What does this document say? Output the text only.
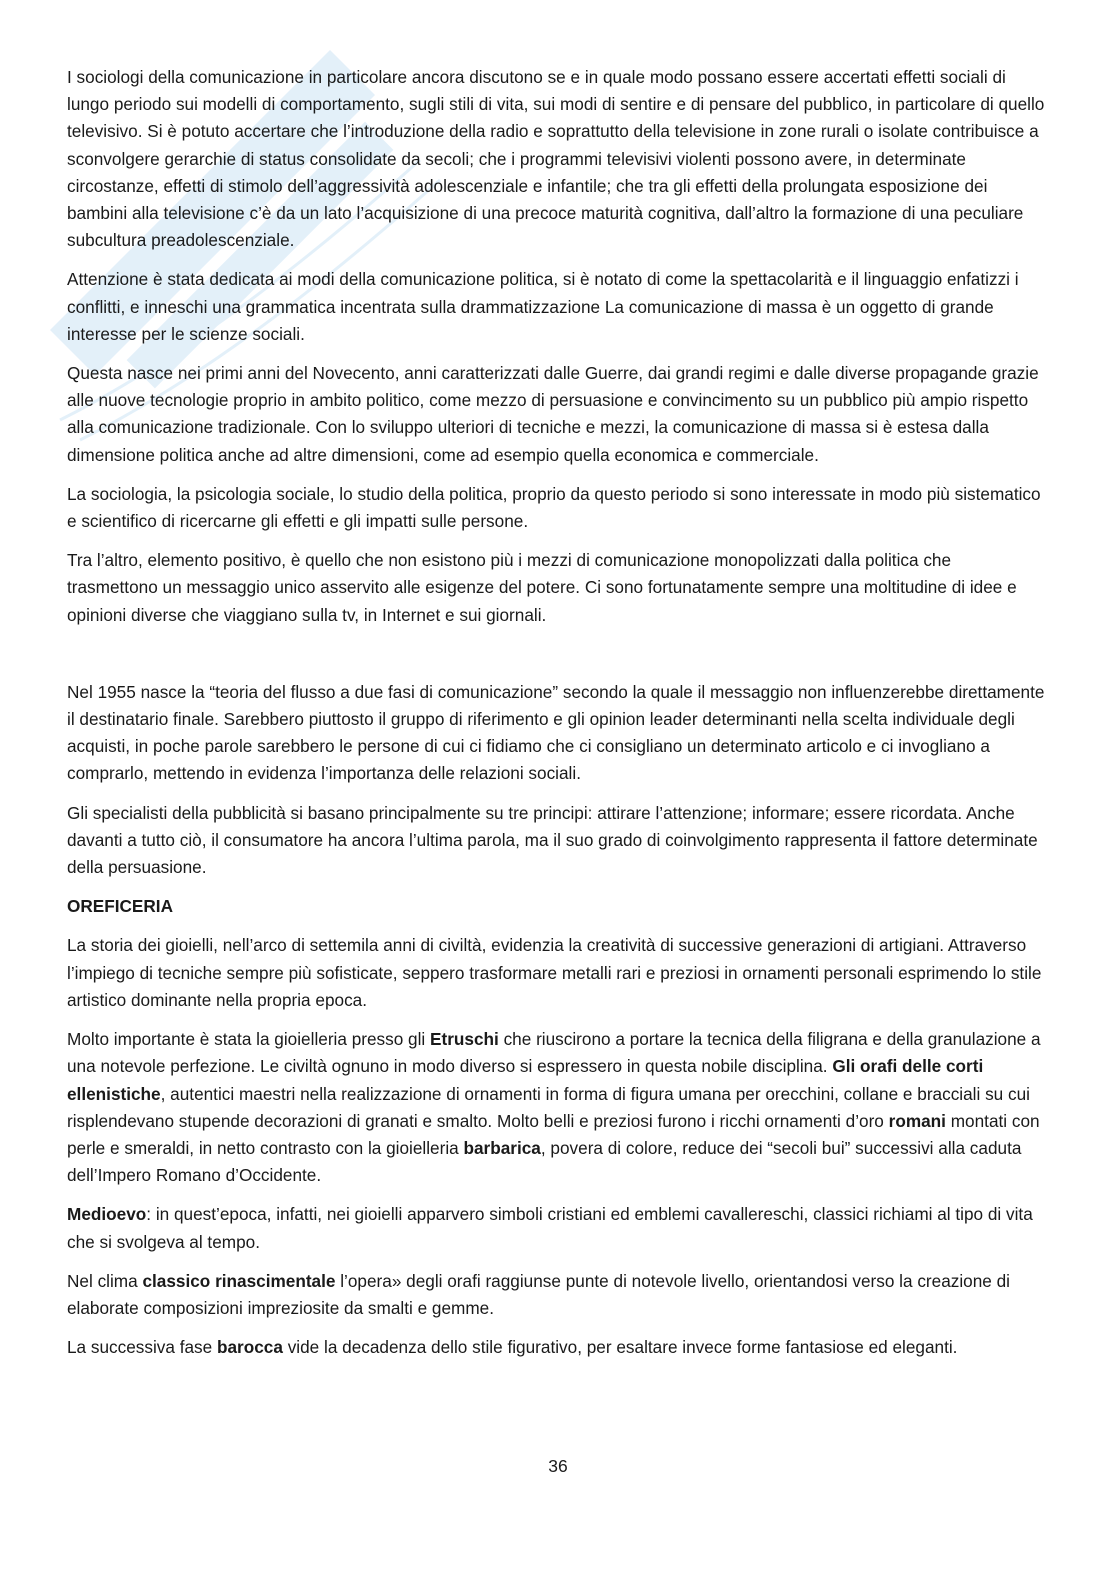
I sociologi della comunicazione in particolare ancora discutono se e in quale modo possano essere accertati effetti sociali di lungo periodo sui modelli di comportamento, sugli stili di vita, sui modi di sentire e di pensare del pubblico, in particolare di quello televisivo. Si è potuto accertare che l’introduzione della radio e soprattutto della televisione in zone rurali o isolate contribuisce a sconvolgere gerarchie di status consolidate da secoli; che i programmi televisivi violenti possono avere, in determinate circostanze, effetti di stimolo dell’aggressività adolescenziale e infantile; che tra gli effetti della prolungata esposizione dei bambini alla televisione c’è da un lato l’acquisizione di una precoce maturità cognitiva, dall’altro la formazione di una peculiare subcultura preadolescenziale.

Attenzione è stata dedicata ai modi della comunicazione politica, si è notato di come la spettacolarità e il linguaggio enfatizzi i conflitti, e inneschi una grammatica incentrata sulla drammatizzazione La comunicazione di massa è un oggetto di grande interesse per le scienze sociali.

Questa nasce nei primi anni del Novecento, anni caratterizzati dalle Guerre, dai grandi regimi e dalle diverse propagande grazie alle nuove tecnologie proprio in ambito politico, come mezzo di persuasione e convincimento su un pubblico più ampio rispetto alla comunicazione tradizionale. Con lo sviluppo ulteriori di tecniche e mezzi, la comunicazione di massa si è estesa dalla dimensione politica anche ad altre dimensioni, come ad esempio quella economica e commerciale.

La sociologia, la psicologia sociale, lo studio della politica, proprio da questo periodo si sono interessate in modo più sistematico e scientifico di ricercarne gli effetti e gli impatti sulle persone.

Tra l’altro, elemento positivo, è quello che non esistono più i mezzi di comunicazione monopolizzati dalla politica che trasmettono un messaggio unico asservito alle esigenze del potere. Ci sono fortunatamente sempre una moltitudine di idee e opinioni diverse che viaggiano sulla tv, in Internet e sui giornali.

Nel 1955 nasce la “teoria del flusso a due fasi di comunicazione” secondo la quale il messaggio non influenzerebbe direttamente il destinatario finale. Sarebbero piuttosto il gruppo di riferimento e gli opinion leader determinanti nella scelta individuale degli acquisti, in poche parole sarebbero le persone di cui ci fidiamo che ci consigliano un determinato articolo e ci invogliano a comprarlo, mettendo in evidenza l’importanza delle relazioni sociali.

Gli specialisti della pubblicità si basano principalmente su tre principi: attirare l’attenzione; informare; essere ricordata. Anche davanti a tutto ciò, il consumatore ha ancora l’ultima parola, ma il suo grado di coinvolgimento rappresenta il fattore determinate della persuasione.

OREFICERIA

La storia dei gioielli, nell’arco di settemila anni di civiltà, evidenzia la creatività di successive generazioni di artigiani. Attraverso l’impiego di tecniche sempre più sofisticate, seppero trasformare metalli rari e preziosi in ornamenti personali esprimendo lo stile artistico dominante nella propria epoca.

Molto importante è stata la gioielleria presso gli Etruschi che riuscirono a portare la tecnica della filigrana e della granulazione a una notevole perfezione. Le civiltà ognuno in modo diverso si espressero in questa nobile disciplina. Gli orafi delle corti ellenistiche, autentici maestri nella realizzazione di ornamenti in forma di figura umana per orecchini, collane e bracciali su cui risplendevano stupende decorazioni di granati e smalto. Molto belli e preziosi furono i ricchi ornamenti d’oro romani montati con perle e smeraldi, in netto contrasto con la gioielleria barbarica, povera di colore, reduce dei “secoli bui” successivi alla caduta dell’Impero Romano d’Occidente.

Medioevo: in quest’epoca, infatti, nei gioielli apparvero simboli cristiani ed emblemi cavallereschi, classici richiami al tipo di vita che si svolgeva al tempo.

Nel clima classico rinascimentale l’opera» degli orafi raggiunse punte di notevole livello, orientandosi verso la creazione di elaborate composizioni impreziosite da smalti e gemme.

La successiva fase barocca vide la decadenza dello stile figurativo, per esaltare invece forme fantasiose ed eleganti.

36
